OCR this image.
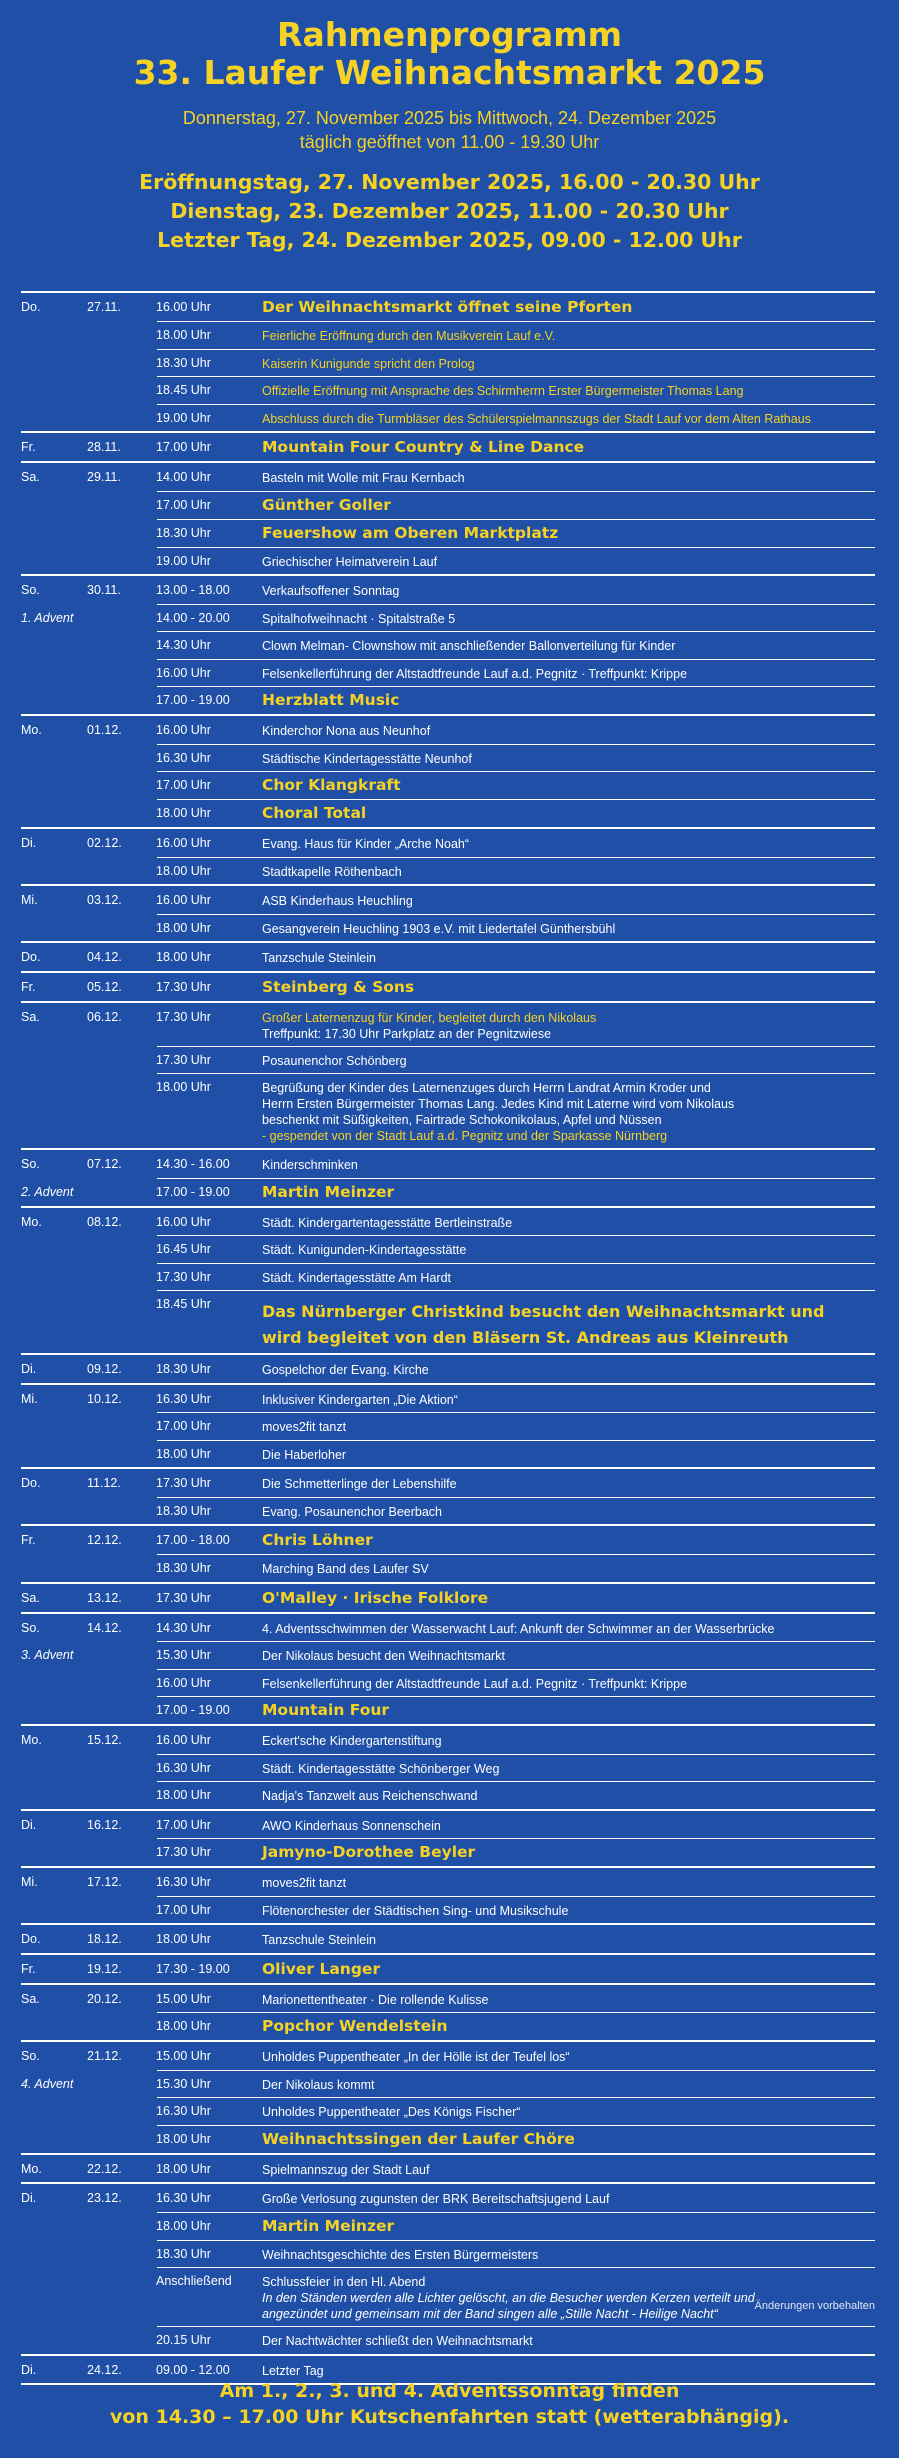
Rahmenprogramm
33. Laufer Weihnachtsmarkt 2025
Donnerstag, 27. November 2025 bis Mittwoch, 24. Dezember 2025
täglich geöffnet von 11.00 - 19.30 Uhr
Eröffnungstag, 27. November 2025, 16.00 - 20.30 Uhr
Dienstag, 23. Dezember 2025, 11.00 - 20.30 Uhr
Letzter Tag, 24. Dezember 2025, 09.00 - 12.00 Uhr
Do.	27.11.	16.00 Uhr	Der Weihnachtsmarkt öffnet seine Pforten
18.00 Uhr	Feierliche Eröffnung durch den Musikverein Lauf e.V.
18.30 Uhr	Kaiserin Kunigunde spricht den Prolog
18.45 Uhr	Offizielle Eröffnung mit Ansprache des Schirmherrn Erster Bürgermeister Thomas Lang
19.00 Uhr	Abschluss durch die Turmbläser des Schülerspielmannszugs der Stadt Lauf vor dem Alten Rathaus
Fr.	28.11.	17.00 Uhr	Mountain Four Country & Line Dance
Sa.	29.11.	14.00 Uhr	Basteln mit Wolle mit Frau Kernbach
17.00 Uhr	Günther Goller
18.30 Uhr	Feuershow am Oberen Marktplatz
19.00 Uhr	Griechischer Heimatverein Lauf
So.	30.11.	13.00 - 18.00	Verkaufsoffener Sonntag
1. Advent	14.00 - 20.00	Spitalhofweihnacht · Spitalstraße 5
14.30 Uhr	Clown Melman- Clownshow mit anschließender Ballonverteilung für Kinder
16.00 Uhr	Felsenkellerführung der Altstadtfreunde Lauf a.d. Pegnitz · Treffpunkt: Krippe
17.00 - 19.00	Herzblatt Music
Mo.	01.12.	16.00 Uhr	Kinderchor Nona aus Neunhof
16.30 Uhr	Städtische Kindertagesstätte Neunhof
17.00 Uhr	Chor Klangkraft
18.00 Uhr	Choral Total
Di.	02.12.	16.00 Uhr	Evang. Haus für Kinder „Arche Noah“
18.00 Uhr	Stadtkapelle Röthenbach
Mi.	03.12.	16.00 Uhr	ASB Kinderhaus Heuchling
18.00 Uhr	Gesangverein Heuchling 1903 e.V. mit Liedertafel Günthersbühl
Do.	04.12.	18.00 Uhr	Tanzschule Steinlein
Fr.	05.12.	17.30 Uhr	Steinberg & Sons
Sa.	06.12.	17.30 Uhr	Großer Laternenzug für Kinder, begleitet durch den Nikolaus
Treffpunkt: 17.30 Uhr Parkplatz an der Pegnitzwiese
17.30 Uhr	Posaunenchor Schönberg
18.00 Uhr	Begrüßung der Kinder des Laternenzuges durch Herrn Landrat Armin Kroder und
Herrn Ersten Bürgermeister Thomas Lang. Jedes Kind mit Laterne wird vom Nikolaus
beschenkt mit Süßigkeiten, Fairtrade Schokonikolaus, Apfel und Nüssen
- gespendet von der Stadt Lauf a.d. Pegnitz und der Sparkasse Nürnberg
So.	07.12.	14.30 - 16.00	Kinderschminken
2. Advent	17.00 - 19.00	Martin Meinzer
Mo.	08.12.	16.00 Uhr	Städt. Kindergartentagesstätte Bertleinstraße
16.45 Uhr	Städt. Kunigunden-Kindertagesstätte
17.30 Uhr	Städt. Kindertagesstätte Am Hardt
18.45 Uhr	Das Nürnberger Christkind besucht den Weihnachtsmarkt und
wird begleitet von den Bläsern St. Andreas aus Kleinreuth
Di.	09.12.	18.30 Uhr	Gospelchor der Evang. Kirche
Mi.	10.12.	16.30 Uhr	Inklusiver Kindergarten „Die Aktion“
17.00 Uhr	moves2fit tanzt
18.00 Uhr	Die Haberloher
Do.	11.12.	17.30 Uhr	Die Schmetterlinge der Lebenshilfe
18.30 Uhr	Evang. Posaunenchor Beerbach
Fr.	12.12.	17.00 - 18.00	Chris Löhner
18.30 Uhr	Marching Band des Laufer SV
Sa.	13.12.	17.30 Uhr	O'Malley · Irische Folklore
So.	14.12.	14.30 Uhr	4. Adventsschwimmen der Wasserwacht Lauf: Ankunft der Schwimmer an der Wasserbrücke
3. Advent	15.30 Uhr	Der Nikolaus besucht den Weihnachtsmarkt
16.00 Uhr	Felsenkellerführung der Altstadtfreunde Lauf a.d. Pegnitz · Treffpunkt: Krippe
17.00 - 19.00	Mountain Four
Mo.	15.12.	16.00 Uhr	Eckert'sche Kindergartenstiftung
16.30 Uhr	Städt. Kindertagesstätte Schönberger Weg
18.00 Uhr	Nadja's Tanzwelt aus Reichenschwand
Di.	16.12.	17.00 Uhr	AWO Kinderhaus Sonnenschein
17.30 Uhr	Jamyno-Dorothee Beyler
Mi.	17.12.	16.30 Uhr	moves2fit tanzt
17.00 Uhr	Flötenorchester der Städtischen Sing- und Musikschule
Do.	18.12.	18.00 Uhr	Tanzschule Steinlein
Fr.	19.12.	17.30 - 19.00	Oliver Langer
Sa.	20.12.	15.00 Uhr	Marionettentheater · Die rollende Kulisse
18.00 Uhr	Popchor Wendelstein
So.	21.12.	15.00 Uhr	Unholdes Puppentheater „In der Hölle ist der Teufel los“
4. Advent	15.30 Uhr	Der Nikolaus kommt
16.30 Uhr	Unholdes Puppentheater „Des Königs Fischer“
18.00 Uhr	Weihnachtssingen der Laufer Chöre
Mo.	22.12.	18.00 Uhr	Spielmannszug der Stadt Lauf
Di.	23.12.	16.30 Uhr	Große Verlosung zugunsten der BRK Bereitschaftsjugend Lauf
18.00 Uhr	Martin Meinzer
18.30 Uhr	Weihnachtsgeschichte des Ersten Bürgermeisters
Anschließend	Schlussfeier in den Hl. Abend
In den Ständen werden alle Lichter gelöscht, an die Besucher werden Kerzen verteilt und
angezündet und gemeinsam mit der Band singen alle „Stille Nacht - Heilige Nacht“
20.15 Uhr	Der Nachtwächter schließt den Weihnachtsmarkt
Di.	24.12.	09.00 - 12.00	Letzter Tag
Änderungen vorbehalten
Am 1., 2., 3. und 4. Adventssonntag finden
von 14.30 – 17.00 Uhr Kutschenfahrten statt (wetterabhängig).
